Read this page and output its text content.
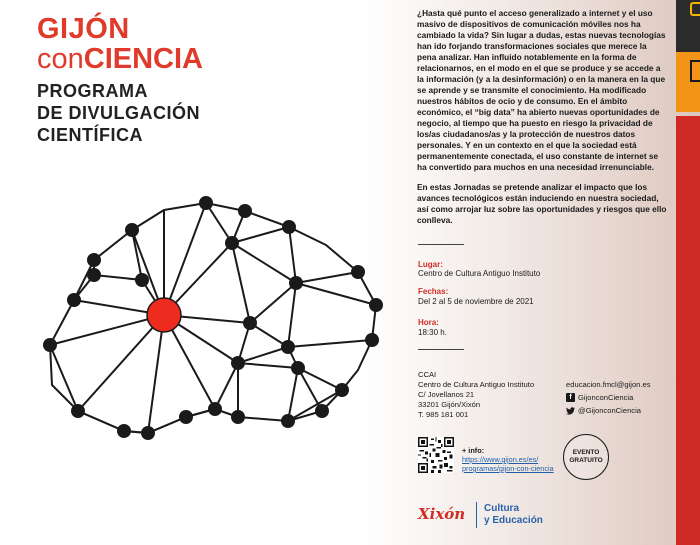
GIJÓN
conCIENCIA
PROGRAMA
DE DIVULGACIÓN
CIENTÍFICA

¿Hasta qué punto el acceso generalizado a internet y el uso masivo de dispositivos de comunicación móviles nos ha cambiado la vida? Sin lugar a dudas, estas nuevas tecnologías han ido forjando transformaciones sociales que merece la pena analizar. Han influido notablemente en la forma de relacionarnos, en el modo en el que se produce y se accede a la información (y a la desinformación) o en la manera en la que se aprende y se transmite el conocimiento. Ha modificado nuestros hábitos de ocio y de consumo. En el ámbito económico, el “big data” ha abierto nuevas oportunidades de negocio, al tiempo que ha puesto en riesgo la privacidad de los/as ciudadanos/as y la protección de nuestros datos personales. Y en un contexto en el que la sociedad está permanentemente conectada, el uso constante de internet se ha convertido para muchos en una necesidad irrenunciable.

En estas Jornadas se pretende analizar el impacto que los avances tecnológicos están induciendo en nuestra sociedad, así como arrojar luz sobre las oportunidades y riesgos que ello conlleva.

Lugar:
Centro de Cultura Antiguo Instituto
Fechas:
Del 2 al 5 de noviembre de 2021
Hora:
18:30 h.
CCAI
Centro de Cultura Antiguo Instituto
C/ Jovellanos 21
33201 Gijón/Xixón
T. 985 181 001
educacion.fmcl@gijon.es
f GijonconCiencia
@GijonconCiencia
+ info:
https://www.gijon.es/es/
programas/gijon-con-ciencia
EVENTO
GRATUITO
Xixón Cultura
y Educación
